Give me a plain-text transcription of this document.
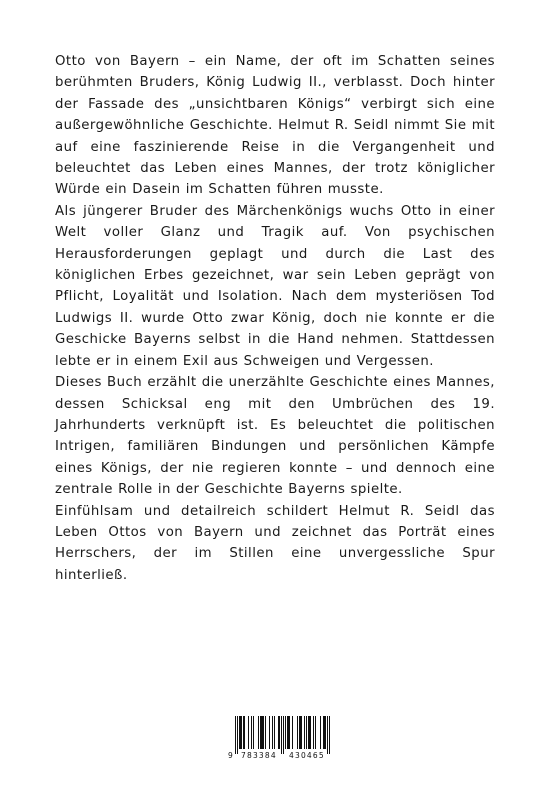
Otto von Bayern – ein Name, der oft im Schatten seines berühmten Bruders, König Ludwig II., verblasst. Doch hinter der Fassade des „unsichtbaren Königs“ verbirgt sich eine außergewöhnliche Geschichte. Helmut R. Seidl nimmt Sie mit auf eine faszinierende Reise in die Vergangenheit und beleuchtet das Leben eines Mannes, der trotz königlicher Würde ein Dasein im Schatten führen musste.

Als jüngerer Bruder des Märchenkönigs wuchs Otto in einer Welt voller Glanz und Tragik auf. Von psychischen Herausforderungen geplagt und durch die Last des königlichen Erbes gezeichnet, war sein Leben geprägt von Pflicht, Loyalität und Isolation. Nach dem mysteriösen Tod Ludwigs II. wurde Otto zwar König, doch nie konnte er die Geschicke Bayerns selbst in die Hand nehmen. Stattdessen lebte er in einem Exil aus Schweigen und Vergessen.

Dieses Buch erzählt die unerzählte Geschichte eines Mannes, dessen Schicksal eng mit den Umbrüchen des 19. Jahrhunderts verknüpft ist. Es beleuchtet die politischen Intrigen, familiären Bindungen und persönlichen Kämpfe eines Königs, der nie regieren konnte – und dennoch eine zentrale Rolle in der Geschichte Bayerns spielte.

Einfühlsam und detailreich schildert Helmut R. Seidl das Leben Ottos von Bayern und zeichnet das Porträt eines Herrschers, der im Stillen eine unvergessliche Spur hinterließ.

9 783384 430465
